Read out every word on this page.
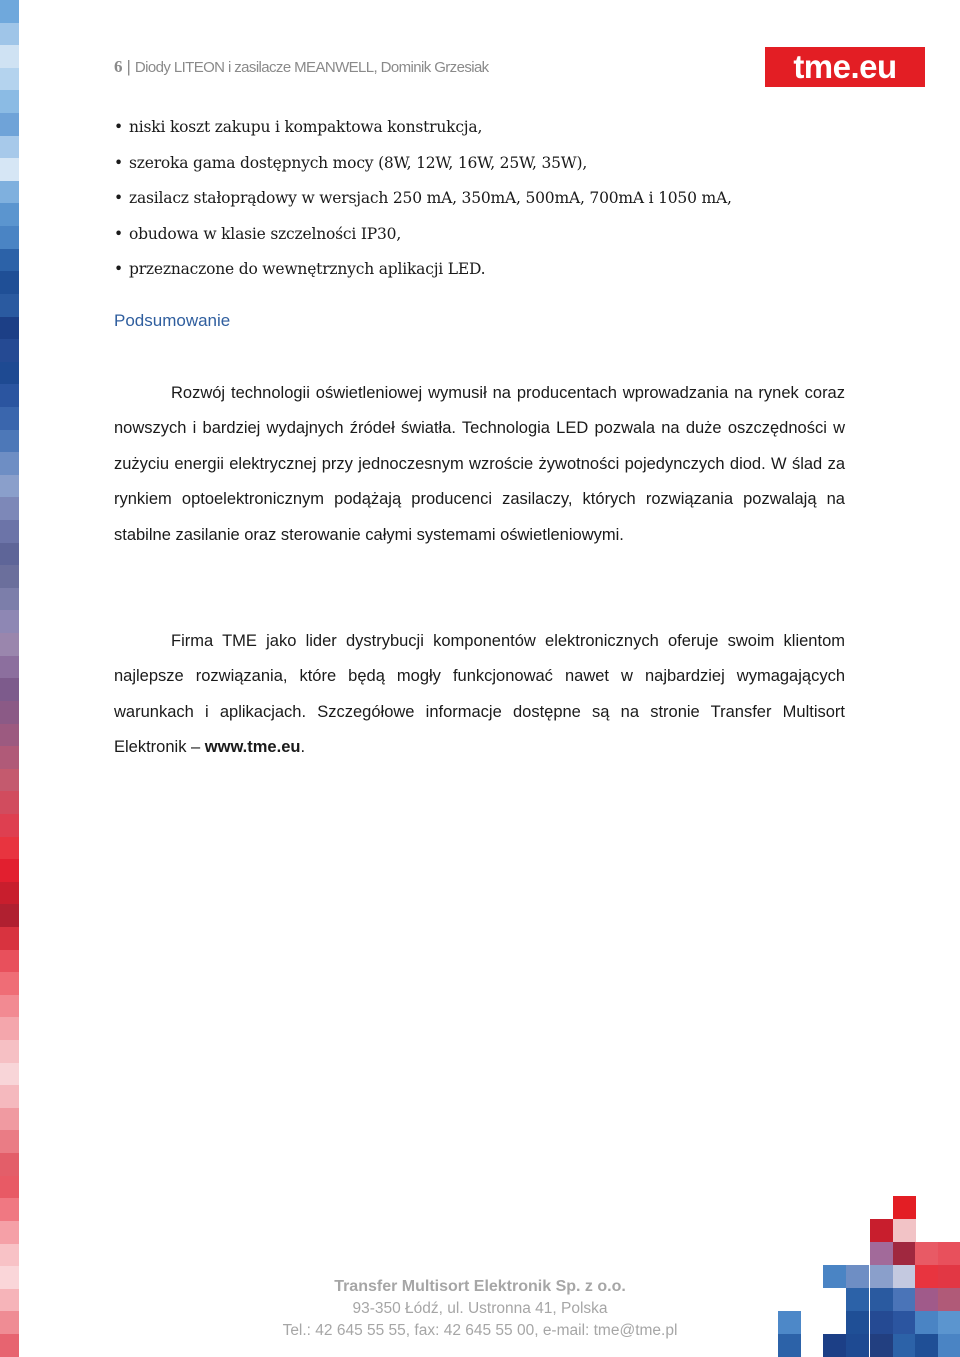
6 | Diody LITEON i zasilacze MEANWELL, Dominik Grzesiak	tme.eu
• niski koszt zakupu i kompaktowa konstrukcja,
• szeroka gama dostępnych mocy (8W, 12W, 16W, 25W, 35W),
• zasilacz stałoprądowy w wersjach 250 mA, 350mA, 500mA, 700mA i 1050 mA,
• obudowa w klasie szczelności IP30,
• przeznaczone do wewnętrznych aplikacji LED.
Podsumowanie

Rozwój technologii oświetleniowej wymusił na producentach wprowadzania na rynek coraz nowszych i bardziej wydajnych źródeł światła. Technologia LED pozwala na duże oszczędności w zużyciu energii elektrycznej przy jednoczesnym wzroście żywotności pojedynczych diod. W ślad za rynkiem optoelektronicznym podążają producenci zasilaczy, których rozwiązania pozwalają na stabilne zasilanie oraz sterowanie całymi systemami oświetleniowymi.

Firma TME jako lider dystrybucji komponentów elektronicznych oferuje swoim klientom najlepsze rozwiązania, które będą mogły funkcjonować nawet w najbardziej wymagających warunkach i aplikacjach. Szczegółowe informacje dostępne są na stronie Transfer Multisort Elektronik – www.tme.eu.

Transfer Multisort Elektronik Sp. z o.o.
93-350 Łódź, ul. Ustronna 41, Polska
Tel.: 42 645 55 55, fax: 42 645 55 00, e-mail: tme@tme.pl
